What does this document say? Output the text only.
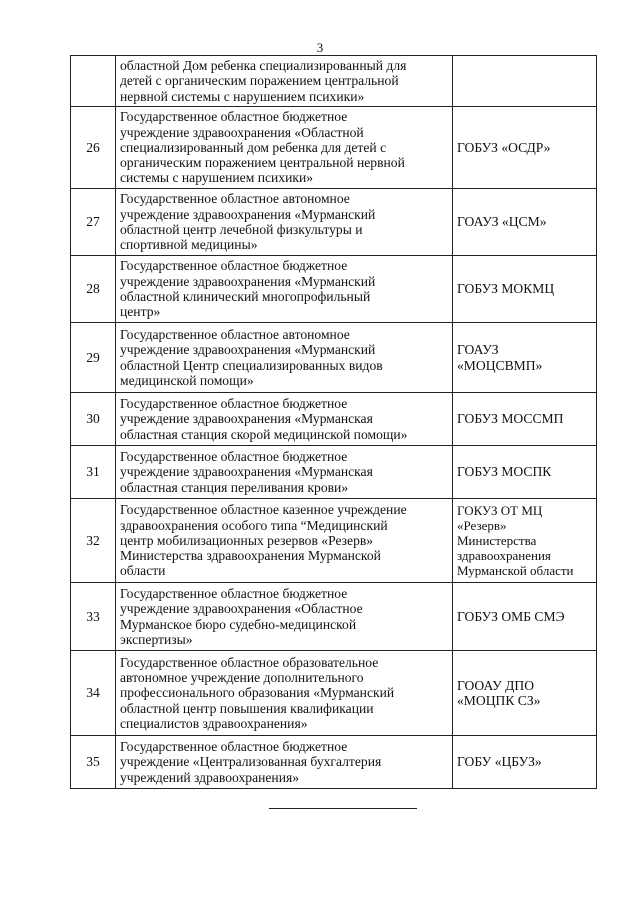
3
	областной Дом ребенка специализированный для
детей с органическим поражением центральной
нервной системы с нарушением психики»	
26	Государственное областное бюджетное
учреждение здравоохранения «Областной
специализированный дом ребенка для детей с
органическим поражением центральной нервной
системы с нарушением психики»	ГОБУЗ «ОСДР»
27	Государственное областное автономное
учреждение здравоохранения «Мурманский
областной центр лечебной физкультуры и
спортивной медицины»	ГОАУЗ «ЦСМ»
28	Государственное областное бюджетное
учреждение здравоохранения «Мурманский
областной клинический многопрофильный
центр»	ГОБУЗ МОКМЦ
29	Государственное областное автономное
учреждение здравоохранения «Мурманский
областной Центр специализированных видов
медицинской помощи»	ГОАУЗ
«МОЦСВМП»
30	Государственное областное бюджетное
учреждение здравоохранения «Мурманская
областная станция скорой медицинской помощи»	ГОБУЗ МОССМП
31	Государственное областное бюджетное
учреждение здравоохранения «Мурманская
областная станция переливания крови»	ГОБУЗ МОСПК
32	Государственное областное казенное учреждение
здравоохранения особого типа “Медицинский
центр мобилизационных резервов «Резерв»
Министерства здравоохранения Мурманской
области	ГОКУЗ ОТ МЦ
«Резерв»
Министерства
здравоохранения
Мурманской области
33	Государственное областное бюджетное
учреждение здравоохранения «Областное
Мурманское бюро судебно-медицинской
экспертизы»	ГОБУЗ ОМБ СМЭ
34	Государственное областное образовательное
автономное учреждение дополнительного
профессионального образования «Мурманский
областной центр повышения квалификации
специалистов здравоохранения»	ГООАУ ДПО
«МОЦПК СЗ»
35	Государственное областное бюджетное
учреждение «Централизованная бухгалтерия
учреждений здравоохранения»	ГОБУ «ЦБУЗ»
